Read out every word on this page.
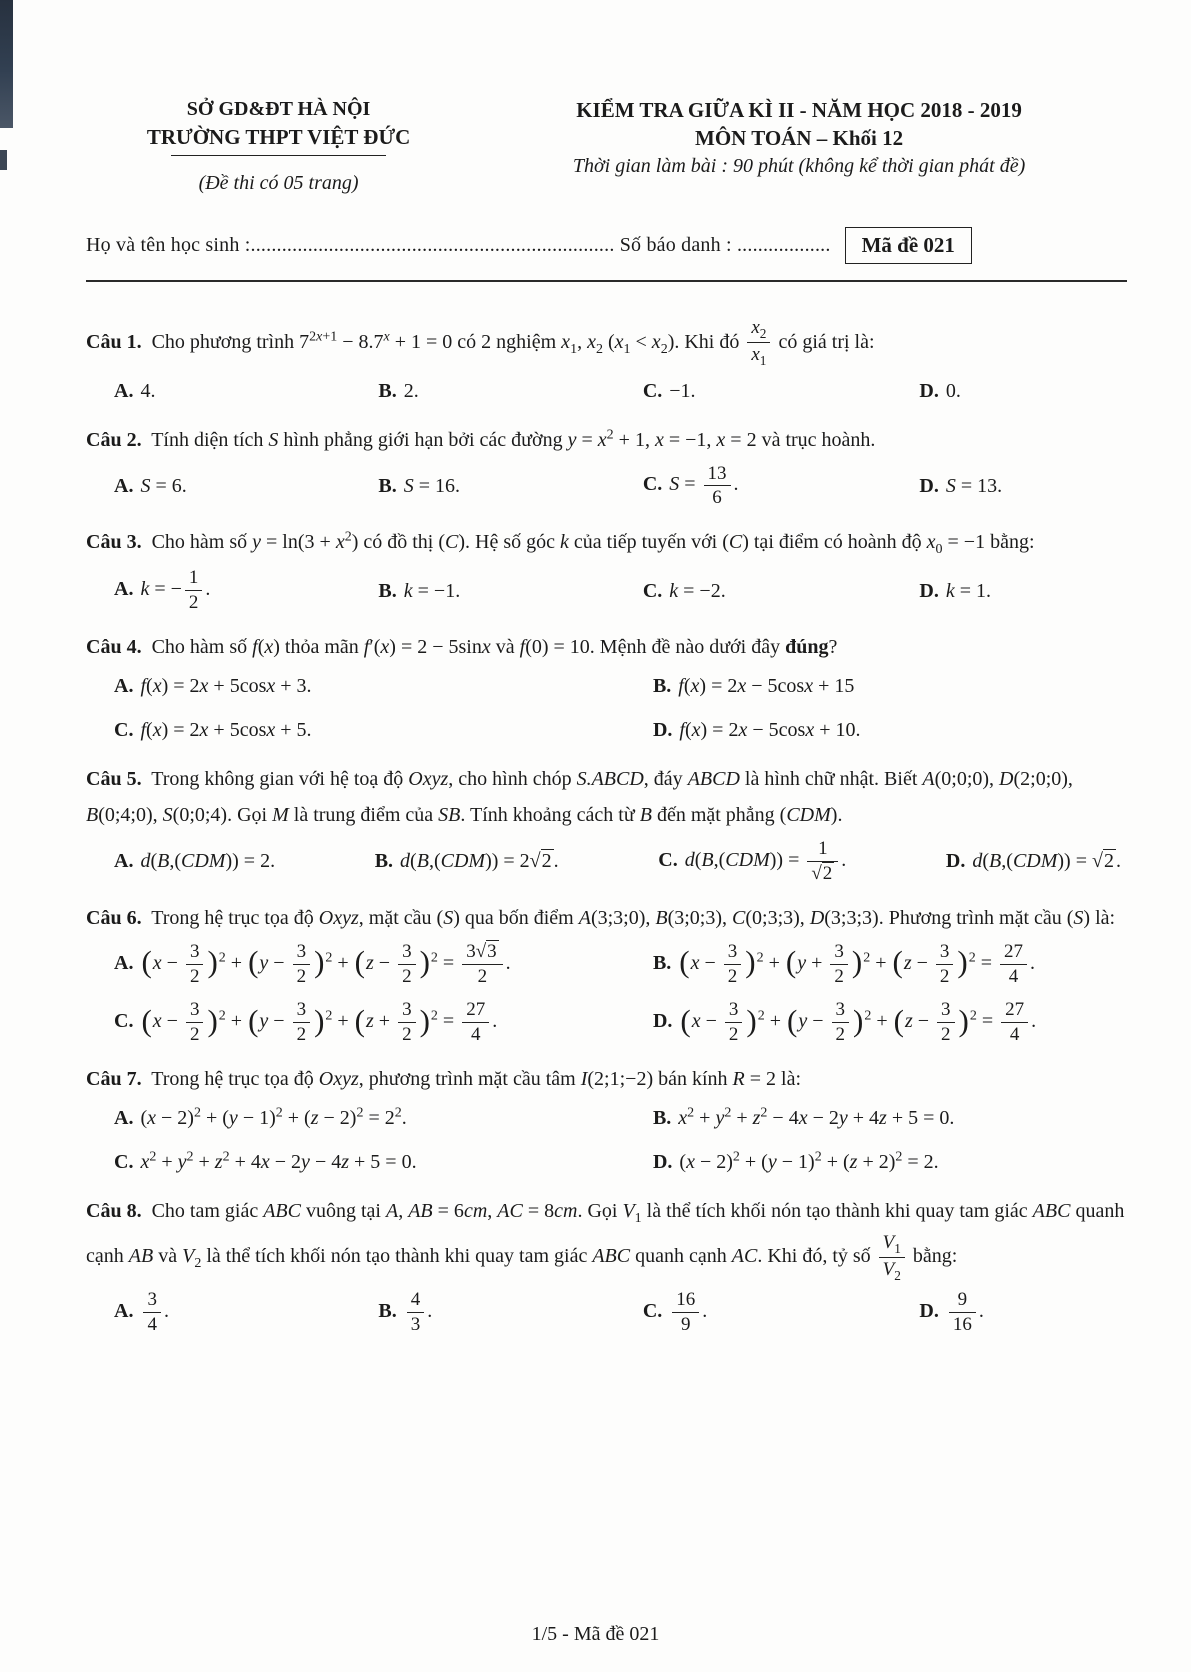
SỞ GD&ĐT HÀ NỘI
TRƯỜNG THPT VIỆT ĐỨC
(Đề thi có 05 trang)
KIỂM TRA GIỮA KÌ II - NĂM HỌC 2018 - 2019
MÔN TOÁN – Khối 12
Thời gian làm bài : 90 phút (không kể thời gian phát đề)
Họ và tên học sinh :...................................................................... Số báo danh : ..................	Mã đề 021
Câu 1. Cho phương trình $7^{2x+1} - 8.7^x + 1 = 0$ có 2 nghiệm $x_1$, $x_2$ $(x_1 < x_2)$. Khi đó $\frac{x_2}{x_1}$ có giá trị là:
A. 4.	B. 2.	C. −1.	D. 0.
Câu 2. Tính diện tích S hình phẳng giới hạn bởi các đường $y = x^2 + 1$, x = −1, x = 2 và trục hoành.
A. S = 6.	B. S = 16.	C. $S = \frac{13}{6}$ .	D. S = 13.
Câu 3. Cho hàm số $y = \ln(3 + x^2)$ có đồ thị (C). Hệ số góc k của tiếp tuyến với (C) tại điểm có hoành độ $x_0 = -1$ bằng:
A. k = − $\frac{1}{2}$ .	B. k = −1.	C. k = −2.	D. k = 1.
Câu 4. Cho hàm số f(x) thỏa mãn f′(x) = 2 − 5sinx và f(0) = 10. Mệnh đề nào dưới đây đúng?
A. f(x) = 2x + 5cosx + 3.	B. f(x) = 2x − 5cosx + 15
C. f(x) = 2x + 5cosx + 5.	D. f(x) = 2x − 5cosx + 10.
Câu 5. Trong không gian với hệ toạ độ Oxyz, cho hình chóp S.ABCD, đáy ABCD là hình chữ nhật. Biết A(0;0;0), D(2;0;0), B(0;4;0), S(0;0;4). Gọi M là trung điểm của SB. Tính khoảng cách từ B đến mặt phẳng (CDM).
A. d(B,(CDM)) = 2.	B. d(B,(CDM)) = 2√2 .	C. $d(B,(CDM)) = \frac{1}{√2}$ .	D. d(B,(CDM)) = √2 .
Câu 6. Trong hệ trục tọa độ Oxyz, mặt cầu (S) qua bốn điểm A(3;3;0), B(3;0;3), C(0;3;3), D(3;3;3). Phương trình mặt cầu (S) là:
A. $(x - \frac{3}{2} )^2 + (y - \frac{3}{2} )^2 + (z - \frac{3}{2} )^2 = \frac{3√3}{2}$ .	B. $(x - \frac{3}{2} )^2 + (y + \frac{3}{2} )^2 + (z - \frac{3}{2} )^2 = \frac{27}{4}$ .
C. $(x - \frac{3}{2} )^2 + (y - \frac{3}{2} )^2 + (z + \frac{3}{2} )^2 = \frac{27}{4}$ .	D. $(x - \frac{3}{2} )^2 + (y - \frac{3}{2} )^2 + (z - \frac{3}{2} )^2 = \frac{27}{4}$ .
Câu 7. Trong hệ trục tọa độ Oxyz, phương trình mặt cầu tâm I(2;1;−2) bán kính R = 2 là:
A. $(x - 2)^2 + (y - 1)^2 + (z - 2)^2 = 2^2$.	B. $x^2 + y^2 + z^2 - 4x - 2y + 4z + 5 = 0$.
C. $x^2 + y^2 + z^2 + 4x - 2y - 4z + 5 = 0$.	D. $(x - 2)^2 + (y - 1)^2 + (z + 2)^2 = 2$.
Câu 8. Cho tam giác ABC vuông tại A, AB = 6cm, AC = 8cm. Gọi $V_1$ là thể tích khối nón tạo thành khi quay tam giác ABC quanh cạnh AB và $V_2$ là thể tích khối nón tạo thành khi quay tam giác ABC quanh cạnh AC. Khi đó, tỷ số $\frac{V_1}{V_2}$ bằng:
A. $\frac{3}{4}$ .	B. $\frac{4}{3}$ .	C. $\frac{16}{9}$ .	D. $\frac{9}{16}$ .
1/5 - Mã đề 021
